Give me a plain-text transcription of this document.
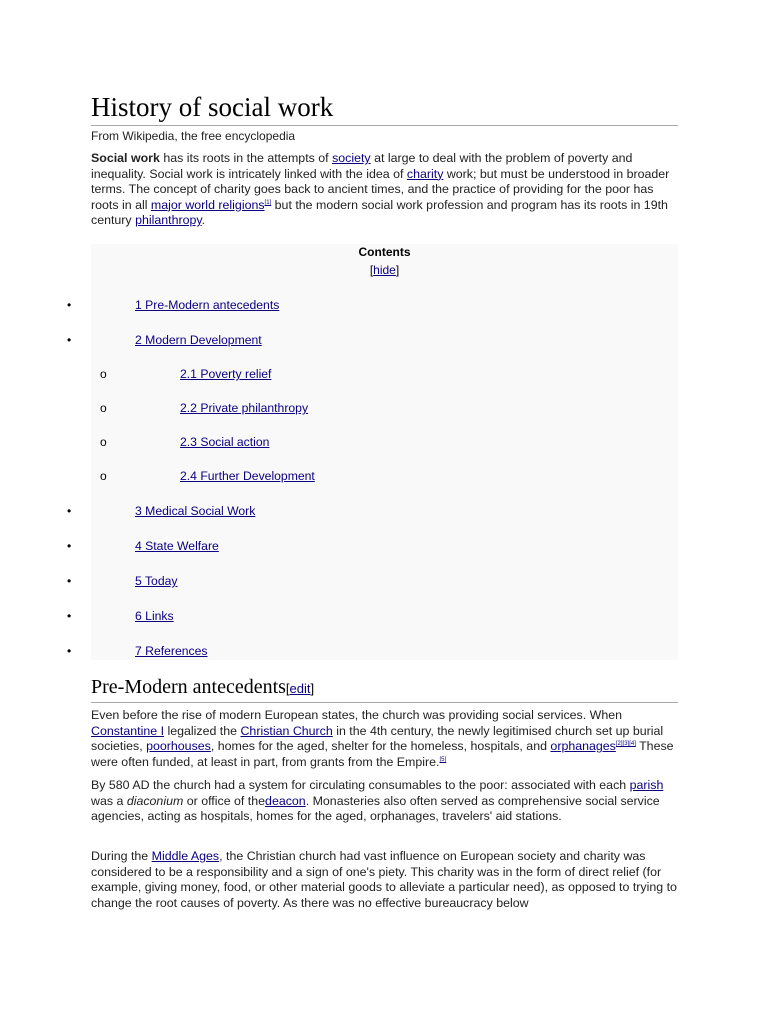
History of social work
From Wikipedia, the free encyclopedia

Social work has its roots in the attempts of society at large to deal with the problem of poverty and inequality. Social work is intricately linked with the idea of charity work; but must be understood in broader terms. The concept of charity goes back to ancient times, and the practice of providing for the poor has roots in all major world religions[1] but the modern social work profession and program has its roots in 19th century philanthropy.

Contents
[hide]
•	1 Pre-Modern antecedents
•	2 Modern Development
o	2.1 Poverty relief
o	2.2 Private philanthropy
o	2.3 Social action
o	2.4 Further Development
•	3 Medical Social Work
•	4 State Welfare
•	5 Today
•	6 Links
•	7 References
Pre-Modern antecedents[edit]

Even before the rise of modern European states, the church was providing social services. When Constantine I legalized the Christian Church in the 4th century, the newly legitimised church set up burial societies, poorhouses, homes for the aged, shelter for the homeless, hospitals, and orphanages[2][3][4] These were often funded, at least in part, from grants from the Empire.[5]

By 580 AD the church had a system for circulating consumables to the poor: associated with each parish was a diaconium or office of thedeacon. Monasteries also often served as comprehensive social service agencies, acting as hospitals, homes for the aged, orphanages, travelers' aid stations.

During the Middle Ages, the Christian church had vast influence on European society and charity was considered to be a responsibility and a sign of one's piety. This charity was in the form of direct relief (for example, giving money, food, or other material goods to alleviate a particular need), as opposed to trying to change the root causes of poverty. As there was no effective bureaucracy below
